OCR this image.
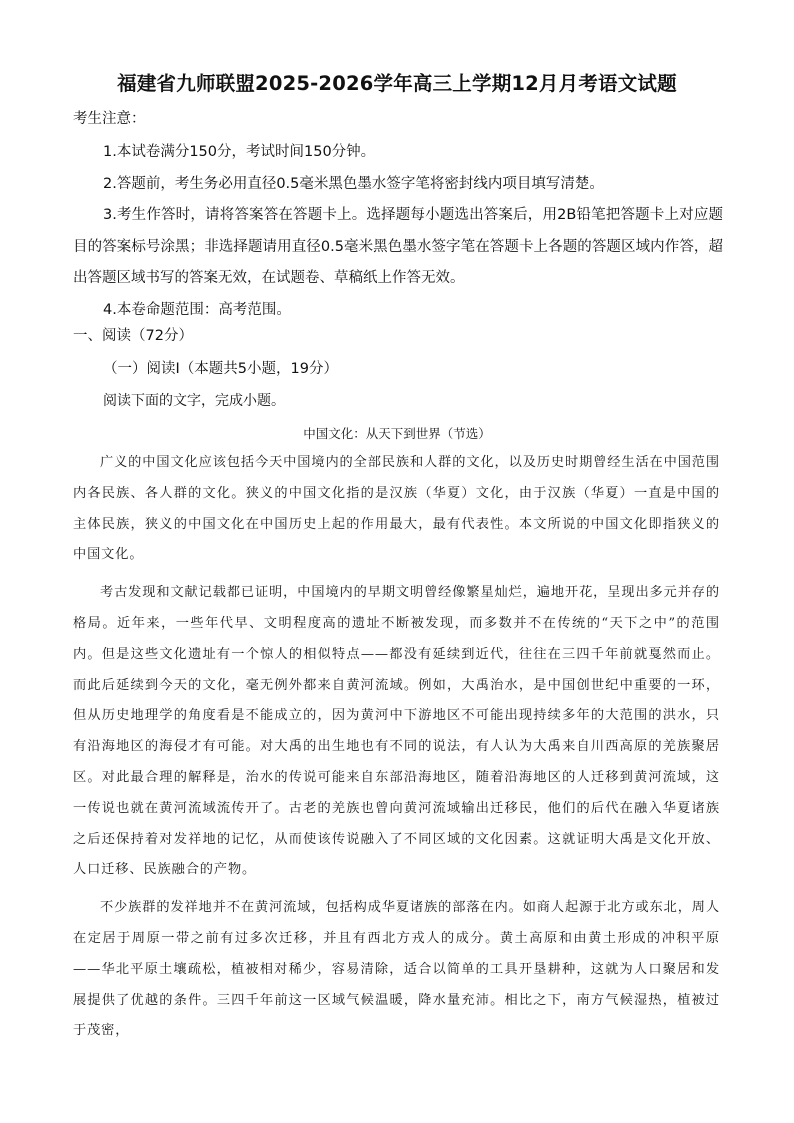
福建省九师联盟2025-2026学年高三上学期12月月考语文试题
考生注意：

1.本试卷满分150分，考试时间150分钟。

2.答题前，考生务必用直径0.5毫米黑色墨水签字笔将密封线内项目填写清楚。

3.考生作答时，请将答案答在答题卡上。选择题每小题选出答案后，用2B铅笔把答题卡上对应题目的答案标号涂黑；非选择题请用直径0.5毫米黑色墨水签字笔在答题卡上各题的答题区域内作答，超出答题区域书写的答案无效，在试题卷、草稿纸上作答无效。

4.本卷命题范围：高考范围。

一、阅读（72分）
（一）阅读Ⅰ（本题共5小题，19分）
阅读下面的文字，完成小题。
中国文化：从天下到世界（节选）

广义的中国文化应该包括今天中国境内的全部民族和人群的文化，以及历史时期曾经生活在中国范围内各民族、各人群的文化。狭义的中国文化指的是汉族（华夏）文化，由于汉族（华夏）一直是中国的主体民族，狭义的中国文化在中国历史上起的作用最大，最有代表性。本文所说的中国文化即指狭义的中国文化。

考古发现和文献记载都已证明，中国境内的早期文明曾经像繁星灿烂，遍地开花，呈现出多元并存的格局。近年来，一些年代早、文明程度高的遗址不断被发现，而多数并不在传统的“天下之中”的范围内。但是这些文化遗址有一个惊人的相似特点——都没有延续到近代，往往在三四千年前就戛然而止。而此后延续到今天的文化，毫无例外都来自黄河流域。例如，大禹治水，是中国创世纪中重要的一环，但从历史地理学的角度看是不能成立的，因为黄河中下游地区不可能出现持续多年的大范围的洪水，只有沿海地区的海侵才有可能。对大禹的出生地也有不同的说法，有人认为大禹来自川西高原的羌族聚居区。对此最合理的解释是，治水的传说可能来自东部沿海地区，随着沿海地区的人迁移到黄河流域，这一传说也就在黄河流域流传开了。古老的羌族也曾向黄河流域输出迁移民，他们的后代在融入华夏诸族之后还保持着对发祥地的记忆，从而使该传说融入了不同区域的文化因素。这就证明大禹是文化开放、人口迁移、民族融合的产物。

不少族群的发祥地并不在黄河流域，包括构成华夏诸族的部落在内。如商人起源于北方或东北，周人在定居于周原一带之前有过多次迁移，并且有西北方戎人的成分。黄土高原和由黄土形成的冲积平原——华北平原土壤疏松，植被相对稀少，容易清除，适合以简单的工具开垦耕种，这就为人口聚居和发展提供了优越的条件。三四千年前这一区域气候温暖，降水量充沛。相比之下，南方气候湿热，植被过于茂密，
